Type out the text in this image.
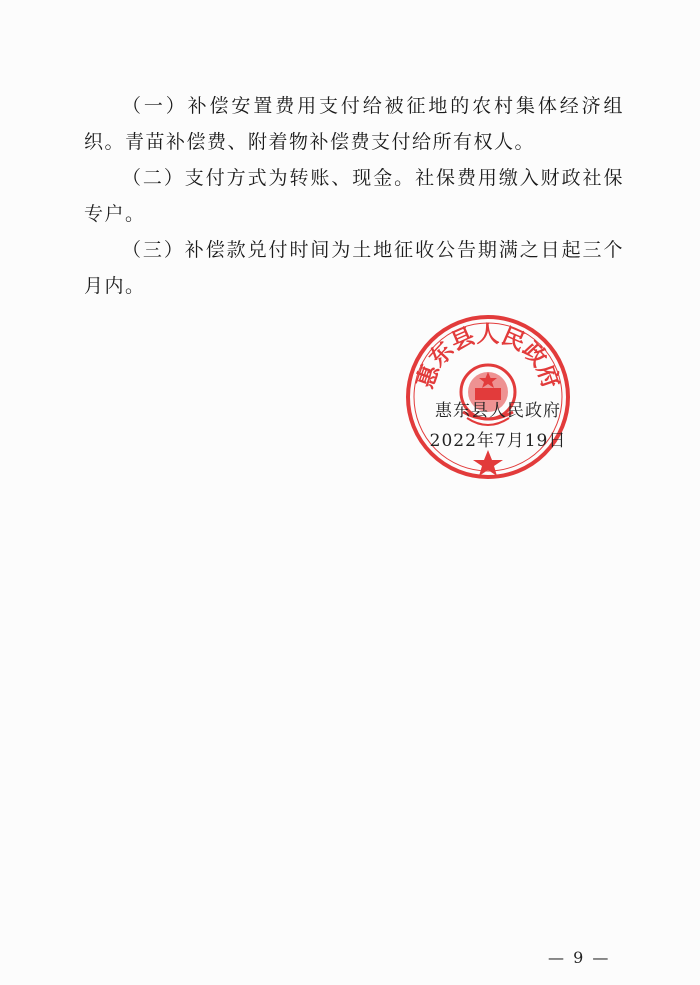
（一）补偿安置费用支付给被征地的农村集体经济组织。青苗补偿费、附着物补偿费支付给所有权人。

（二）支付方式为转账、现金。社保费用缴入财政社保专户。

（三）补偿款兑付时间为土地征收公告期满之日起三个月内。

惠东县人民政府
惠东县人民政府
2022年7月19日
— 9 —
